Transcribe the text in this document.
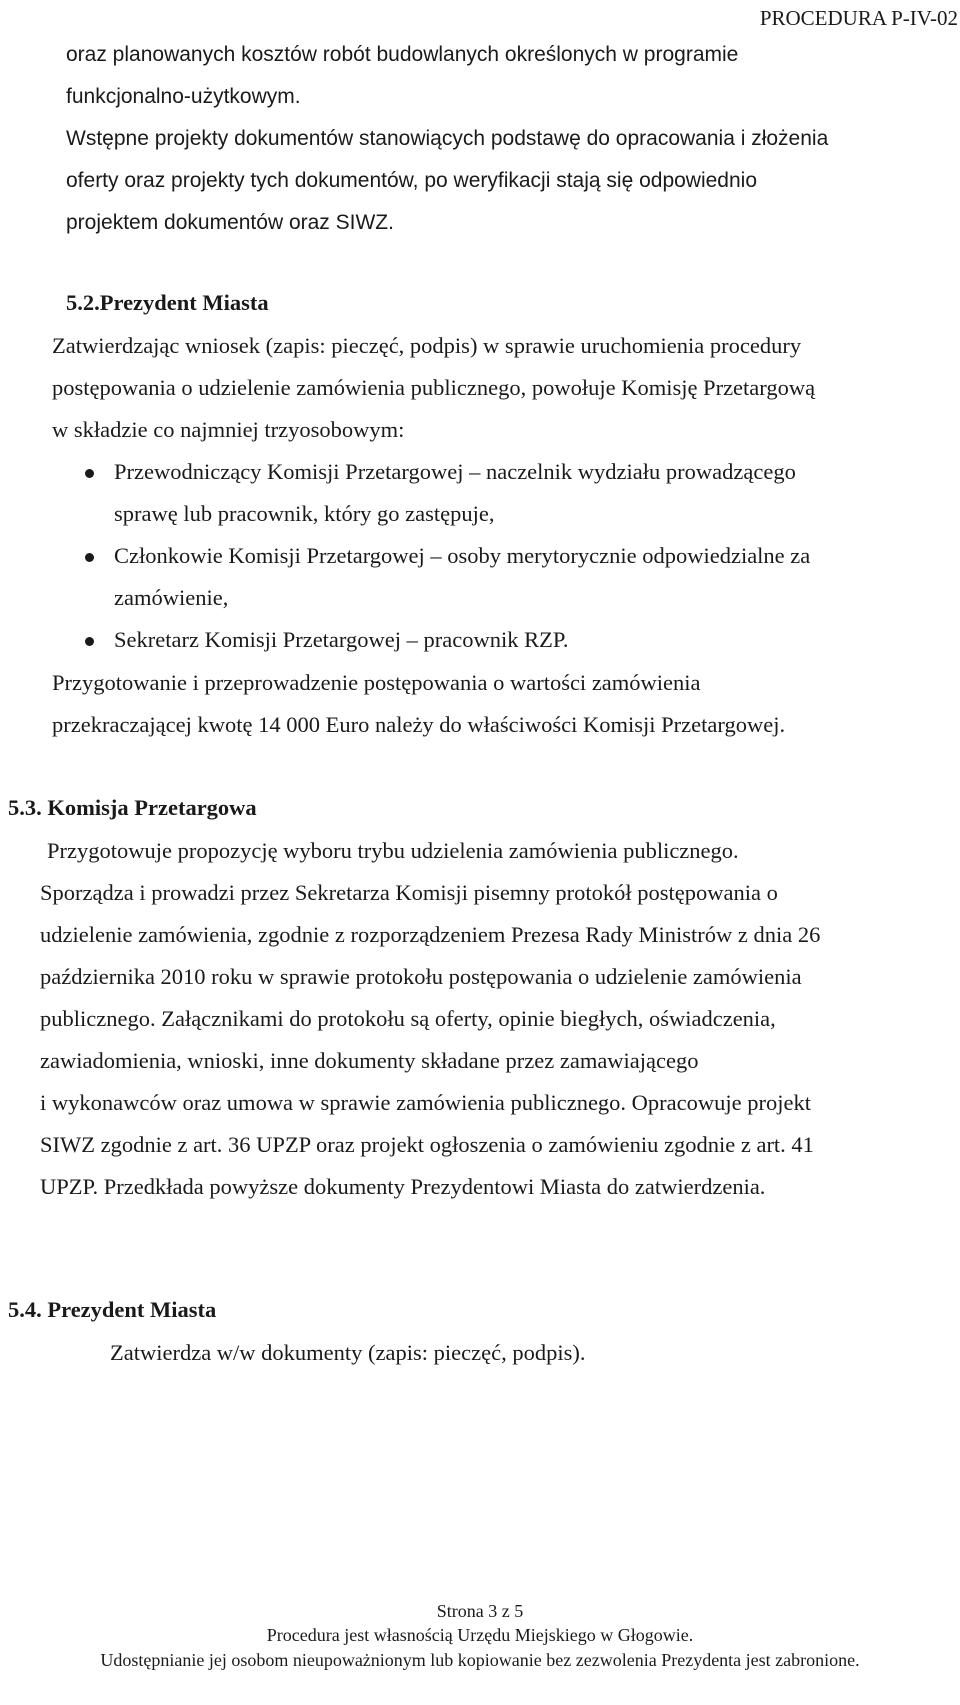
PROCEDURA P-IV-02
oraz planowanych kosztów robót budowlanych określonych w programie
funkcjonalno-użytkowym.
Wstępne projekty dokumentów stanowiących podstawę do opracowania i złożenia
oferty oraz projekty tych dokumentów, po weryfikacji stają się odpowiednio
projektem dokumentów oraz SIWZ.
5.2.Prezydent Miasta
Zatwierdzając wniosek (zapis: pieczęć, podpis) w sprawie uruchomienia procedury
postępowania o udzielenie zamówienia publicznego, powołuje Komisję Przetargową
w składzie co najmniej trzyosobowym:
Przewodniczący Komisji Przetargowej – naczelnik wydziału prowadzącego
sprawę lub pracownik, który go zastępuje,
Członkowie Komisji Przetargowej – osoby merytorycznie odpowiedzialne za
zamówienie,
Sekretarz Komisji Przetargowej – pracownik RZP.
Przygotowanie i przeprowadzenie postępowania o wartości zamówienia
przekraczającej kwotę 14 000 Euro należy do właściwości Komisji Przetargowej.
5.3. Komisja Przetargowa
Przygotowuje propozycję wyboru trybu udzielenia zamówienia publicznego.
Sporządza i prowadzi przez Sekretarza Komisji pisemny protokół postępowania o
udzielenie zamówienia, zgodnie z rozporządzeniem Prezesa Rady Ministrów z dnia 26
października 2010 roku w sprawie protokołu postępowania o udzielenie zamówienia
publicznego. Załącznikami do protokołu są oferty, opinie biegłych, oświadczenia,
zawiadomienia, wnioski, inne dokumenty składane przez zamawiającego
i wykonawców oraz umowa w sprawie zamówienia publicznego. Opracowuje projekt
SIWZ zgodnie z art. 36 UPZP oraz projekt ogłoszenia o zamówieniu zgodnie z art. 41
UPZP. Przedkłada powyższe dokumenty Prezydentowi Miasta do zatwierdzenia.
5.4. Prezydent Miasta
Zatwierdza w/w dokumenty (zapis: pieczęć, podpis).
Strona 3 z 5
Procedura jest własnością Urzędu Miejskiego w Głogowie.
Udostępnianie jej osobom nieupoważnionym lub kopiowanie bez zezwolenia Prezydenta jest zabronione.
